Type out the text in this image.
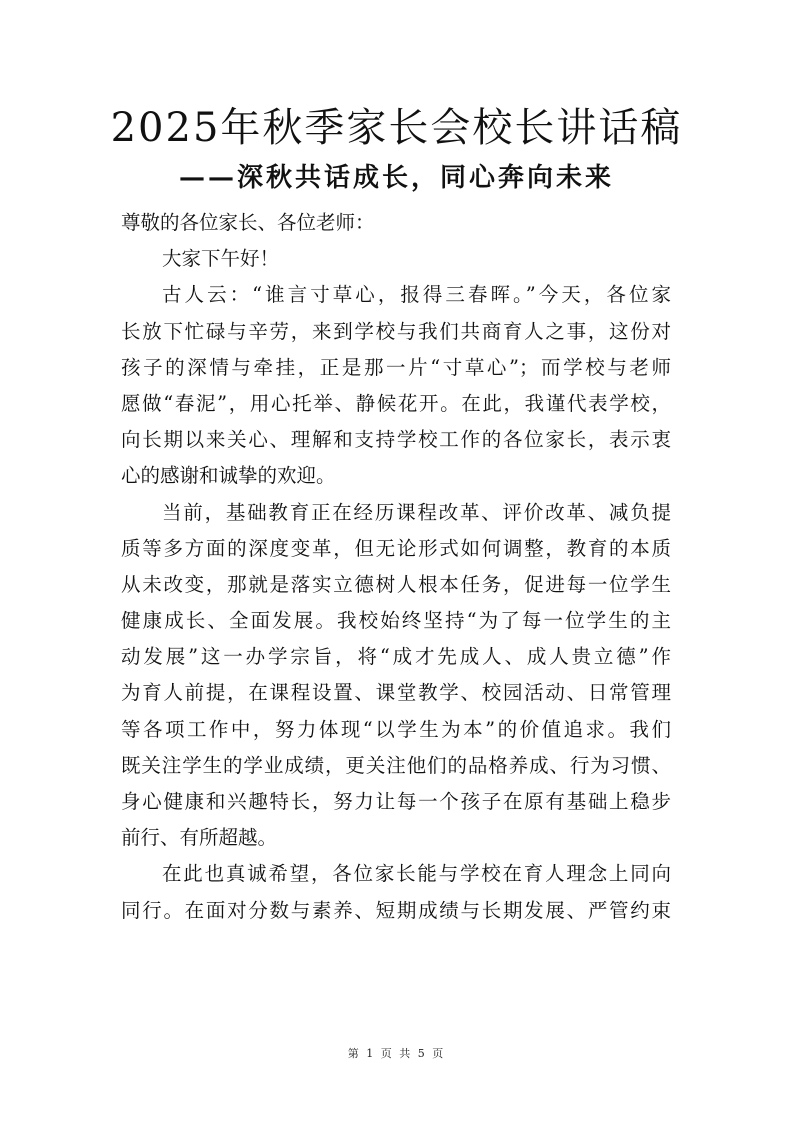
2025年秋季家长会校长讲话稿
——深秋共话成长，同心奔向未来
尊敬的各位家长、各位老师：
大家下午好！
古人云：“谁言寸草心，报得三春晖。”今天，各位家
长放下忙碌与辛劳，来到学校与我们共商育人之事，这份对
孩子的深情与牵挂，正是那一片“寸草心”；而学校与老师
愿做“春泥”，用心托举、静候花开。在此，我谨代表学校，
向长期以来关心、理解和支持学校工作的各位家长，表示衷
心的感谢和诚挚的欢迎。
当前，基础教育正在经历课程改革、评价改革、减负提
质等多方面的深度变革，但无论形式如何调整，教育的本质
从未改变，那就是落实立德树人根本任务，促进每一位学生
健康成长、全面发展。我校始终坚持“为了每一位学生的主
动发展”这一办学宗旨，将“成才先成人、成人贵立德”作
为育人前提，在课程设置、课堂教学、校园活动、日常管理
等各项工作中，努力体现“以学生为本”的价值追求。我们
既关注学生的学业成绩，更关注他们的品格养成、行为习惯、
身心健康和兴趣特长，努力让每一个孩子在原有基础上稳步
前行、有所超越。
在此也真诚希望，各位家长能与学校在育人理念上同向
同行。在面对分数与素养、短期成绩与长期发展、严管约束
第 1 页 共 5 页
